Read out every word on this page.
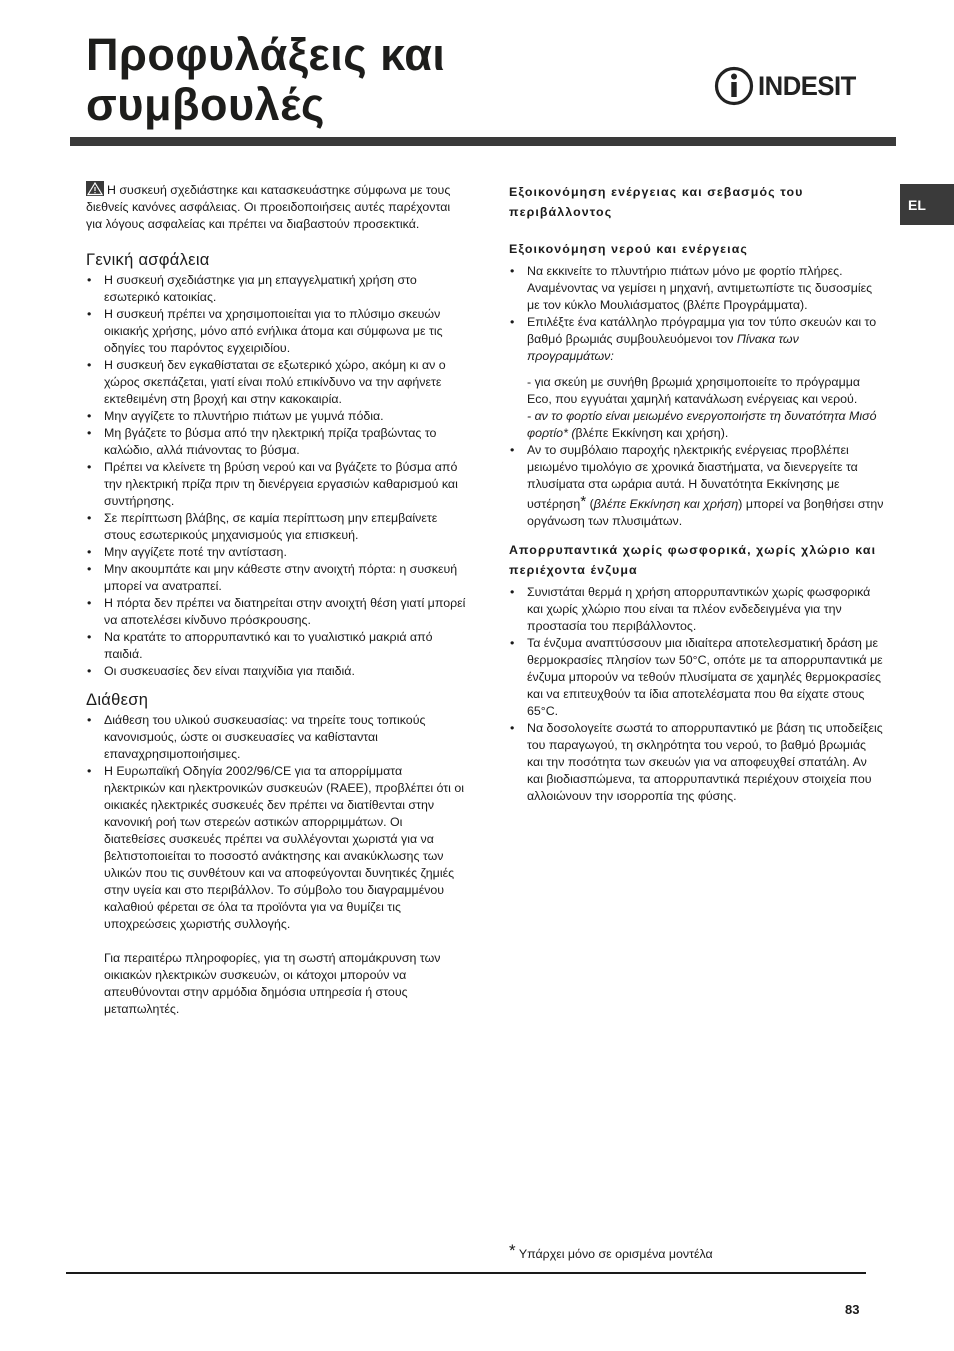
Προφυλάξεις και
συμβουλές	INDESIT
EL

Η συσκευή σχεδιάστηκε και κατασκευάστηκε σύμφωνα με τους διεθνείς κανόνες ασφάλειας. Οι προειδοποιήσεις αυτές παρέχονται για λόγους ασφαλείας και πρέπει να διαβαστούν προσεκτικά.

Γενική ασφάλεια
• Η συσκευή σχεδιάστηκε για μη επαγγελματική χρήση στο εσωτερικό κατοικίας.
• Η συσκευή πρέπει να χρησιμοποιείται για το πλύσιμο σκευών οικιακής χρήσης, μόνο από ενήλικα άτομα και σύμφωνα με τις οδηγίες του παρόντος εγχειριδίου.
• Η συσκευή δεν εγκαθίσταται σε εξωτερικό χώρο, ακόμη κι αν ο χώρος σκεπάζεται, γιατί είναι πολύ επικίνδυνο να την αφήνετε εκτεθειμένη στη βροχή και στην κακοκαιρία.
• Μην αγγίζετε το πλυντήριο πιάτων με γυμνά πόδια.
• Μη βγάζετε το βύσμα από την ηλεκτρική πρίζα τραβώντας το καλώδιο, αλλά πιάνοντας το βύσμα.
• Πρέπει να κλείνετε τη βρύση νερού και να βγάζετε το βύσμα από την ηλεκτρική πρίζα πριν τη διενέργεια εργασιών καθαρισμού και συντήρησης.
• Σε περίπτωση βλάβης, σε καμία περίπτωση μην επεμβαίνετε στους εσωτερικούς μηχανισμούς για επισκευή.
• Μην αγγίζετε ποτέ την αντίσταση.
• Μην ακουμπάτε και μην κάθεστε στην ανοιχτή πόρτα: η συσκευή μπορεί να ανατραπεί.
• Η πόρτα δεν πρέπει να διατηρείται στην ανοιχτή θέση γιατί μπορεί να αποτελέσει κίνδυνο πρόσκρουσης.
• Να κρατάτε το απορρυπαντικό και το γυαλιστικό μακριά από παιδιά.
• Οι συσκευασίες δεν είναι παιχνίδια για παιδιά.
Διάθεση
• Διάθεση του υλικού συσκευασίας: να τηρείτε τους τοπικούς κανονισμούς, ώστε οι συσκευασίες να καθίστανται επαναχρησιμοποιήσιμες.
• Η Ευρωπαϊκή Οδηγία 2002/96/CE για τα απορρίμματα ηλεκτρικών και ηλεκτρονικών συσκευών (RAEE), προβλέπει ότι οι οικιακές ηλεκτρικές συσκευές δεν πρέπει να διατίθενται στην κανονική ροή των στερεών αστικών απορριμμάτων. Οι διατεθείσες συσκευές πρέπει να συλλέγονται χωριστά για να βελτιστοποιείται το ποσοστό ανάκτησης και ανακύκλωσης των υλικών που τις συνθέτουν και να αποφεύγονται δυνητικές ζημιές στην υγεία και στο περιβάλλον. Το σύμβολο του διαγραμμένου καλαθιού φέρεται σε όλα τα προϊόντα για να θυμίζει τις υποχρεώσεις χωριστής συλλογής.
Για περαιτέρω πληροφορίες, για τη σωστή απομάκρυνση των οικιακών ηλεκτρικών συσκευών, οι κάτοχοι μπορούν να απευθύνονται στην αρμόδια δημόσια υπηρεσία ή στους μεταπωλητές.
Εξοικονόμηση ενέργειας και σεβασμός του περιβάλλοντος
Εξοικονόμηση νερού και ενέργειας
• Να εκκινείτε το πλυντήριο πιάτων μόνο με φορτίο πλήρες. Αναμένοντας να γεμίσει η μηχανή, αντιμετωπίστε τις δυσοσμίες με τον κύκλο Μουλιάσματος (βλέπε Προγράμματα).
• Επιλέξτε ένα κατάλληλο πρόγραμμα για τον τύπο σκευών και το βαθμό βρωμιάς συμβουλευόμενοι τον Πίνακα των προγραμμάτων:
- για σκεύη με συνήθη βρωμιά χρησιμοποιείτε το πρόγραμμα Eco, που εγγυάται χαμηλή κατανάλωση ενέργειας και νερού.
- αν το φορτίο είναι μειωμένο ενεργοποιήστε τη δυνατότητα Μισό φορτίο* (βλέπε Εκκίνηση και χρήση).
• Αν το συμβόλαιο παροχής ηλεκτρικής ενέργειας προβλέπει μειωμένο τιμολόγιο σε χρονικά διαστήματα, να διενεργείτε τα πλυσίματα στα ωράρια αυτά. Η δυνατότητα Εκκίνησης με υστέρηση* (βλέπε Εκκίνηση και χρήση) μπορεί να βοηθήσει στην οργάνωση των πλυσιμάτων.
Απορρυπαντικά χωρίς φωσφορικά, χωρίς χλώριο και περιέχοντα ένζυμα
• Συνιστάται θερμά η χρήση απορρυπαντικών χωρίς φωσφορικά και χωρίς χλώριο που είναι τα πλέον ενδεδειγμένα για την προστασία του περιβάλλοντος.
• Τα ένζυμα αναπτύσσουν μια ιδιαίτερα αποτελεσματική δράση με θερμοκρασίες πλησίον των 50°C, οπότε με τα απορρυπαντικά με ένζυμα μπορούν να τεθούν πλυσίματα σε χαμηλές θερμοκρασίες και να επιτευχθούν τα ίδια αποτελέσματα που θα είχατε στους 65°C.
• Να δοσολογείτε σωστά το απορρυπαντικό με βάση τις υποδείξεις του παραγωγού, τη σκληρότητα του νερού, το βαθμό βρωμιάς και την ποσότητα των σκευών για να αποφευχθεί σπατάλη. Αν και βιοδιασπώμενα, τα απορρυπαντικά περιέχουν στοιχεία που αλλοιώνουν την ισορροπία της φύσης.
* Υπάρχει μόνο σε ορισμένα μοντέλα
83
